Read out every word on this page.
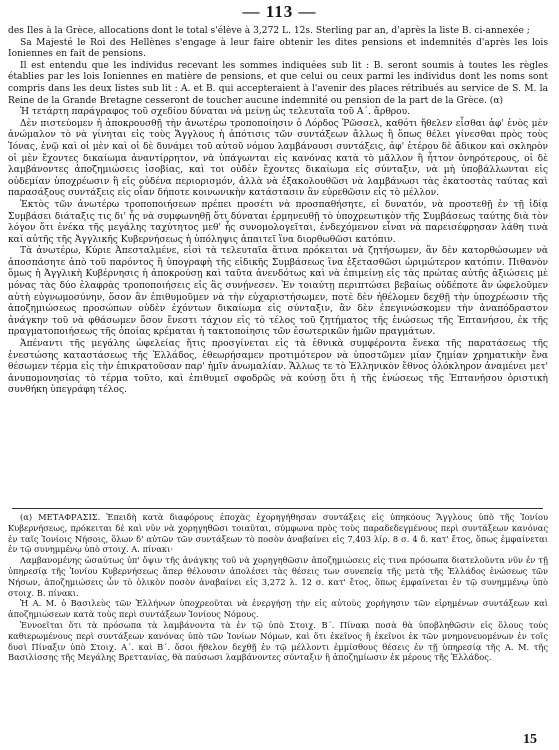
— 113 —

des Iles à la Grèce, allocations dont le total s'élève à 3,272 L. 12s. Sterling par an, d'après la liste B. ci-annexée ;

Sa Majesté le Roi des Hellènes s'engage à leur faire obtenir les dites pensions et indemnités d'après les lois Ioniennes en fait de pensions.

Il est entendu que les individus recevant les sommes indiquées sub lit : B. seront soumis à toutes les règles établies par les lois Ioniennes en matière de pensions, et que celui ou ceux parmi les individus dont les noms sont compris dans les deux listes sub lit : A. et B. qui accepteraient à l'avenir des places rétribués au service de S. M. la Reine de la Grande Bretagne cesseront de toucher aucune indemnité ou pension de la part de la Grèce. (α)

Ἡ τετάρτη παράγραφος τοῦ σχεδίου δύναται νὰ μείνῃ ὡς τελευταῖα τοῦ Α΄. ἄρθρου.

Δὲν πιστεύομεν ἡ ἀποκρουσθῇ τὴν ἀνωτέρω τροποποίησιν ὁ Λόρδος Ῥῶσσελ, καθότι ἤθελεν εἶσθαι ἀφ' ἑνὸς μὲν ἀνώμαλον τὸ νὰ γίνηται εἰς τοὺς Ἄγγλους ἡ ἀπότισις τῶν συντάξεων ἄλλως ἢ ὅπως θέλει γίνεσθαι πρὸς τοὺς Ἰόνας, ἐνῷ καὶ οἱ μὲν καὶ οἱ δὲ δυνάμει τοῦ αὐτοῦ νόμου λαμβάνουσι συντάξεις, ἀφ' ἑτέρου δὲ ἄδικον καὶ σκληρὸν οἱ μὲν ἔχοντες δικαίωμα ἀναντίρρητον, νὰ ὑπάγωνται εἰς κανόνας κατὰ τὸ μᾶλλον ἢ ἧττον ὀνηρότερους, οἱ δὲ λαμβάνοντες ἀποζημιώσεις ἰσοβίας, καὶ τοι οὐδὲν ἔχοντες δικαίωμα εἰς σύνταξιν, νὰ μὴ ὑποβάλλωνται εἰς οὐδεμίαν ὑποχρέωσιν ἢ εἰς οὐδένα περιορισμόν, ἀλλὰ νὰ ἐξακολουθῶσι νὰ λαμβάνωσι τὰς ἑκατοστὰς ταύτας καὶ παρασάξους συντάξεις εἰς οἷαν δήποτε κοινωνικὴν κατάστασιν ἂν εὑρεθῶσιν εἰς τὸ μέλλον.

Ἐκτὸς τῶν ἀνωτέρω τροποποιήσεων πρέπει προσέτι νὰ προσπαθήσητε, εἰ δυνατόν, νὰ προστεθῇ ἐν τῇ ἰδίᾳ Συμβάσει διάταξις τις δι' ἧς νὰ συμφωνηθῇ ὅτι δύναται ἐρμηνευθῇ τὸ ὑποχρεωτικὸν τῆς Συμβάσεως ταύτης διὰ τὸν λόγον ὅτι ἐνέκα τῆς μεγάλης ταχύτητος μεθ' ἧς συνομολογεῖται, ἐνδεχόμενον εἶναι νὰ παρεισέφρησαν λάθη τινὰ καὶ αὐτῆς τῆς Ἀγγλικῆς Κυβερνήσεως ἡ ὑπόληψις ἀπαιτεῖ ἵνα διορθωθῶσι κατόπιν.

Τὰ ἀνωτέρω, Κύριε Ἀπεσταλμένε, εἰσὶ τὰ τελευταῖα ἅτινα πρόκειται νὰ ζητήσωμεν, ἂν δὲν κατορθώσωμεν νὰ ἀποσπάσητε ἀπὸ τοῦ παρόντος ἢ ὑπογραφὴ τῆς εἰδικῆς Συμβάσεως ἵνα ἐξετασθῶσι ὡριμώτερον κατόπιν. Πιθανὸν ὅμως ἡ Ἀγγλικὴ Κυβέρνησις ἡ ἀποκρούσῃ καὶ ταῦτα ἀνενδότως καὶ νὰ ἐπιμείνῃ εἰς τὰς πρώτας αὐτῆς ἀξιώσεις μὲ μόνας τὰς δύο ἐλαφρὰς τροποποιήσεις εἰς ἃς συνῄνεσεν. Ἐν τοιαύτῃ περιπτώσει βεβαίως οὐδέποτε ἂν ὠφελοῦμεν αὐτὴ εὐγνωμοσύνην, ὅσον ἂν ἐπιθυμοῦμεν νὰ τὴν εὐχαριστήσωμεν, ποτὲ δὲν ἠθέλομεν δεχθῇ τὴν ὑποχρέωσιν τῆς ἀποζημιώσεως προσώπων οὐδὲν ἐχόντων δικαίωμα εἰς σύνταξιν, ἂν δὲν ἐπεγινώσκομεν τὴν ἀναπόδραστον ἀνάγκην τοῦ νὰ φθάσωμεν ὅσον ἔνεστι τάχιον εἰς τὸ τέλος τοῦ ζητήματος τῆς ἑνώσεως τῆς Ἑπτανήσου, ἐκ τῆς πραγματοποιήσεως τῆς ὁποίας κρέμαται ἡ τακτοποίησις τῶν ἐσωτερικῶν ἡμῶν πραγμάτων.

Ἀπέναντι τῆς μεγάλης ὠφελείας ἥτις προσγίνεται εἰς τὰ ἐθνικὰ συμφέροντα ἕνεκα τῆς παρατάσεως τῆς ἐνεστώσης καταστάσεως τῆς Ἑλλάδος, ἐθεωρήσαμεν προτιμότερον νὰ ὑποστῶμεν μίαν ζημίαν χρηματικὴν ἕνα θέσωμεν τέρμα εἰς τὴν ἐπικρατοῦσαν παρ' ἡμῖν ἀνωμαλίαν. Ἄλλως τε τὸ Ἑλληνικὸν ἔθνος ὁλόκληρον ἀναμένει μετ' ἀνυπομονησίας τὸ τέρμα τοῦτο, καὶ ἐπιθυμεῖ σφοδρῶς νὰ κούσῃ ὅτι ἡ τῆς ἑνώσεως τῆς Ἑπτανήσου ὁριστικὴ συνθήκη ὑπεγράφη τέλος.

(α) ΜΕΤΑΦΡΑΣΙΣ. Ἐπειδὴ κατὰ διαφόρους ἐποχὰς ἐχορηγήθησαν συντάξεις εἰς ὑπηκόους Ἄγγλους ὑπὸ τῆς Ἰονίου Κυβερνήσεως, πρόκειται δὲ καὶ νῦν νὰ χορηγηθῶσι τοιαῦται, σύμφωνα πρὸς τοὺς παραδεδεγμένους περὶ συντάξεων κανόνας ἐν ταῖς Ἰονίοις Νήσοις, ὅλων δ' αὐτῶν τῶν συντάξεων τὸ ποσὸν ἀναβαίνει εἰς 7,403 λίρ. 8 σ. 4 δ. κατ' ἔτος, ὅπως ἐμφαίνεται ἐν τῷ συνημμένῳ ὑπὸ στοιχ. Α. πίνακι·

Λαμβανομένης ὡσαύτως ὑπ' ὄψιν τῆς ἀνάγκης τοῦ νὰ χορηγηθῶσιν ἀποζημιώσεις εἰς τινα πρόσωπα διατελοῦντα νῦν ἐν τῇ ὑπηρεσίᾳ τῆς Ἰονίου Κυβερνήσεως ἅπερ θέλουσιν ἀπολέσει τὰς θέσεις των συνεπείᾳ τῆς μετὰ τῆς Ἑλλάδος ἑνώσεως τῶν Νήσων, ἀποζημιώσεις ὧν τὸ ὁλικὸν ποσὸν ἀναβαίνει εἰς 3,272 λ. 12 σ. κατ' ἔτος, ὅπως ἐμφαίνεται ἐν τῷ συνημμένῳ ὑπὸ στοιχ. Β. πίνακι.

Ἡ Α. Μ. ὁ Βασιλεὺς τῶν Ἑλλήνων ὑποχρεοῦται νὰ ἐνεργήσῃ τὴν εἰς αὐτοὺς χορήγησιν τῶν εἰρημένων συντάξεων καὶ ἀποζημιώσεων κατὰ τοὺς περὶ συντάξεων Ἰονίους Νόμους.

Ἐννοεῖται ὅτι τὰ πρόσωπα τὰ λαμβάνοντα τὰ ἐν τῷ ὑπὸ Στοιχ. Β΄. Πίνακι ποσὰ θὰ ὑποβληθῶσιν εἰς ὅλους τοὺς καθιερωμένους περὶ συντάξεων κανόνας ὑπὸ τῶν Ἰονίων Νόμων, καὶ ὅτι ἐκεῖνος ἢ ἐκεῖνοι ἐκ τῶν μνημονευομένων ἐν τοῖς δυσὶ Πίναξιν ὑπὸ Στοιχ. Α΄. καὶ Β΄. ὅσοι ἤθελον δεχθῇ ἐν τῷ μέλλοντι ἐμμίσθους θέσεις ἐν τῇ ὑπηρεσίᾳ τῆς Α. Μ. τῆς Βασιλίσσης τῆς Μεγάλης Βρεττανίας, θὰ παύσωσι λαμβάνοντες σύνταξιν ἢ ἀποζημίωσιν ἐκ μέρους τῆς Ἑλλάδος.

15
